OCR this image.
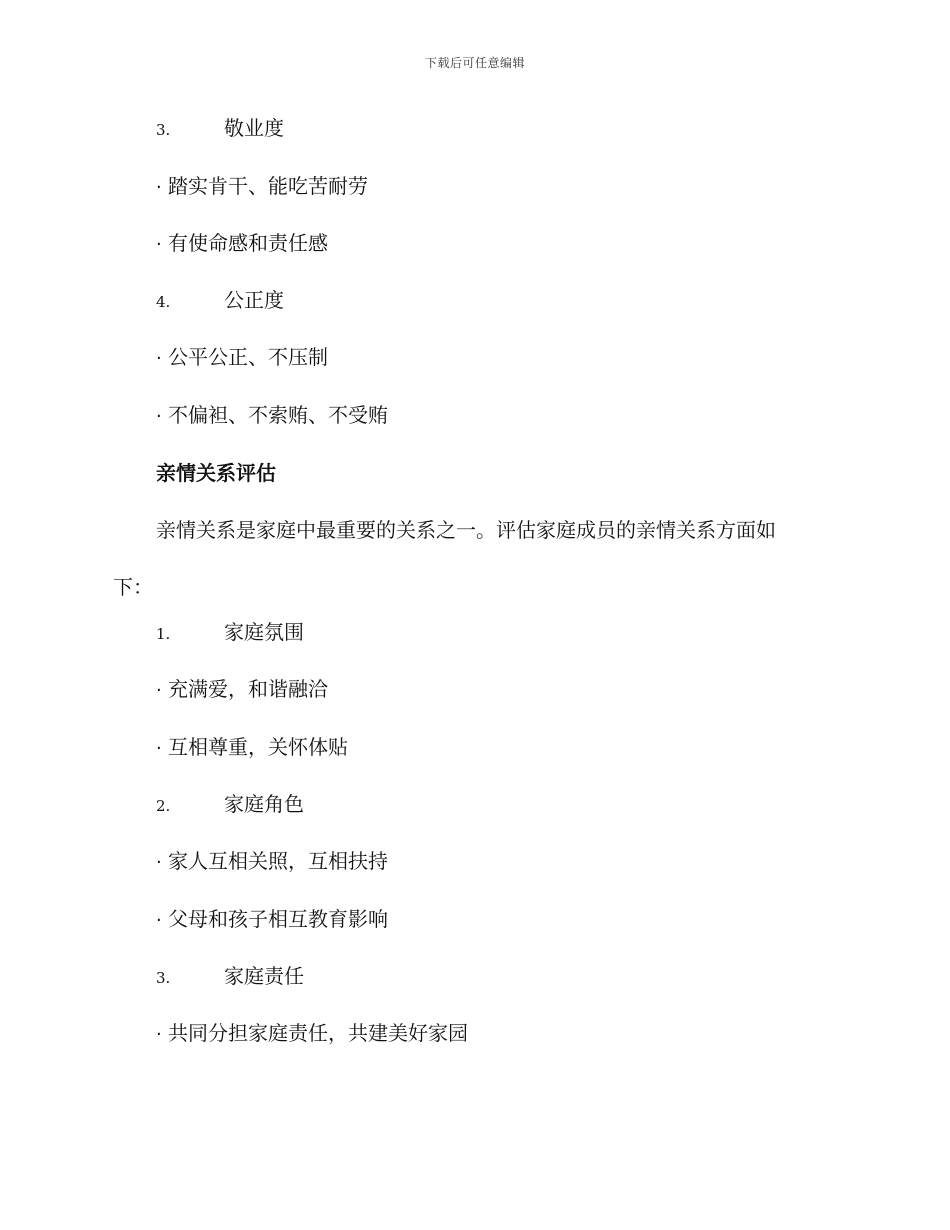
下载后可任意编辑
3.	敬业度
· 踏实肯干、能吃苦耐劳
· 有使命感和责任感
4.	公正度
· 公平公正、不压制
· 不偏袒、不索贿、不受贿
亲情关系评估
亲情关系是家庭中最重要的关系之一。评估家庭成员的亲情关系方面如
下：
1.	家庭氛围
· 充满爱，和谐融洽
· 互相尊重，关怀体贴
2.	家庭角色
· 家人互相关照，互相扶持
· 父母和孩子相互教育影响
3.	家庭责任
· 共同分担家庭责任，共建美好家园
